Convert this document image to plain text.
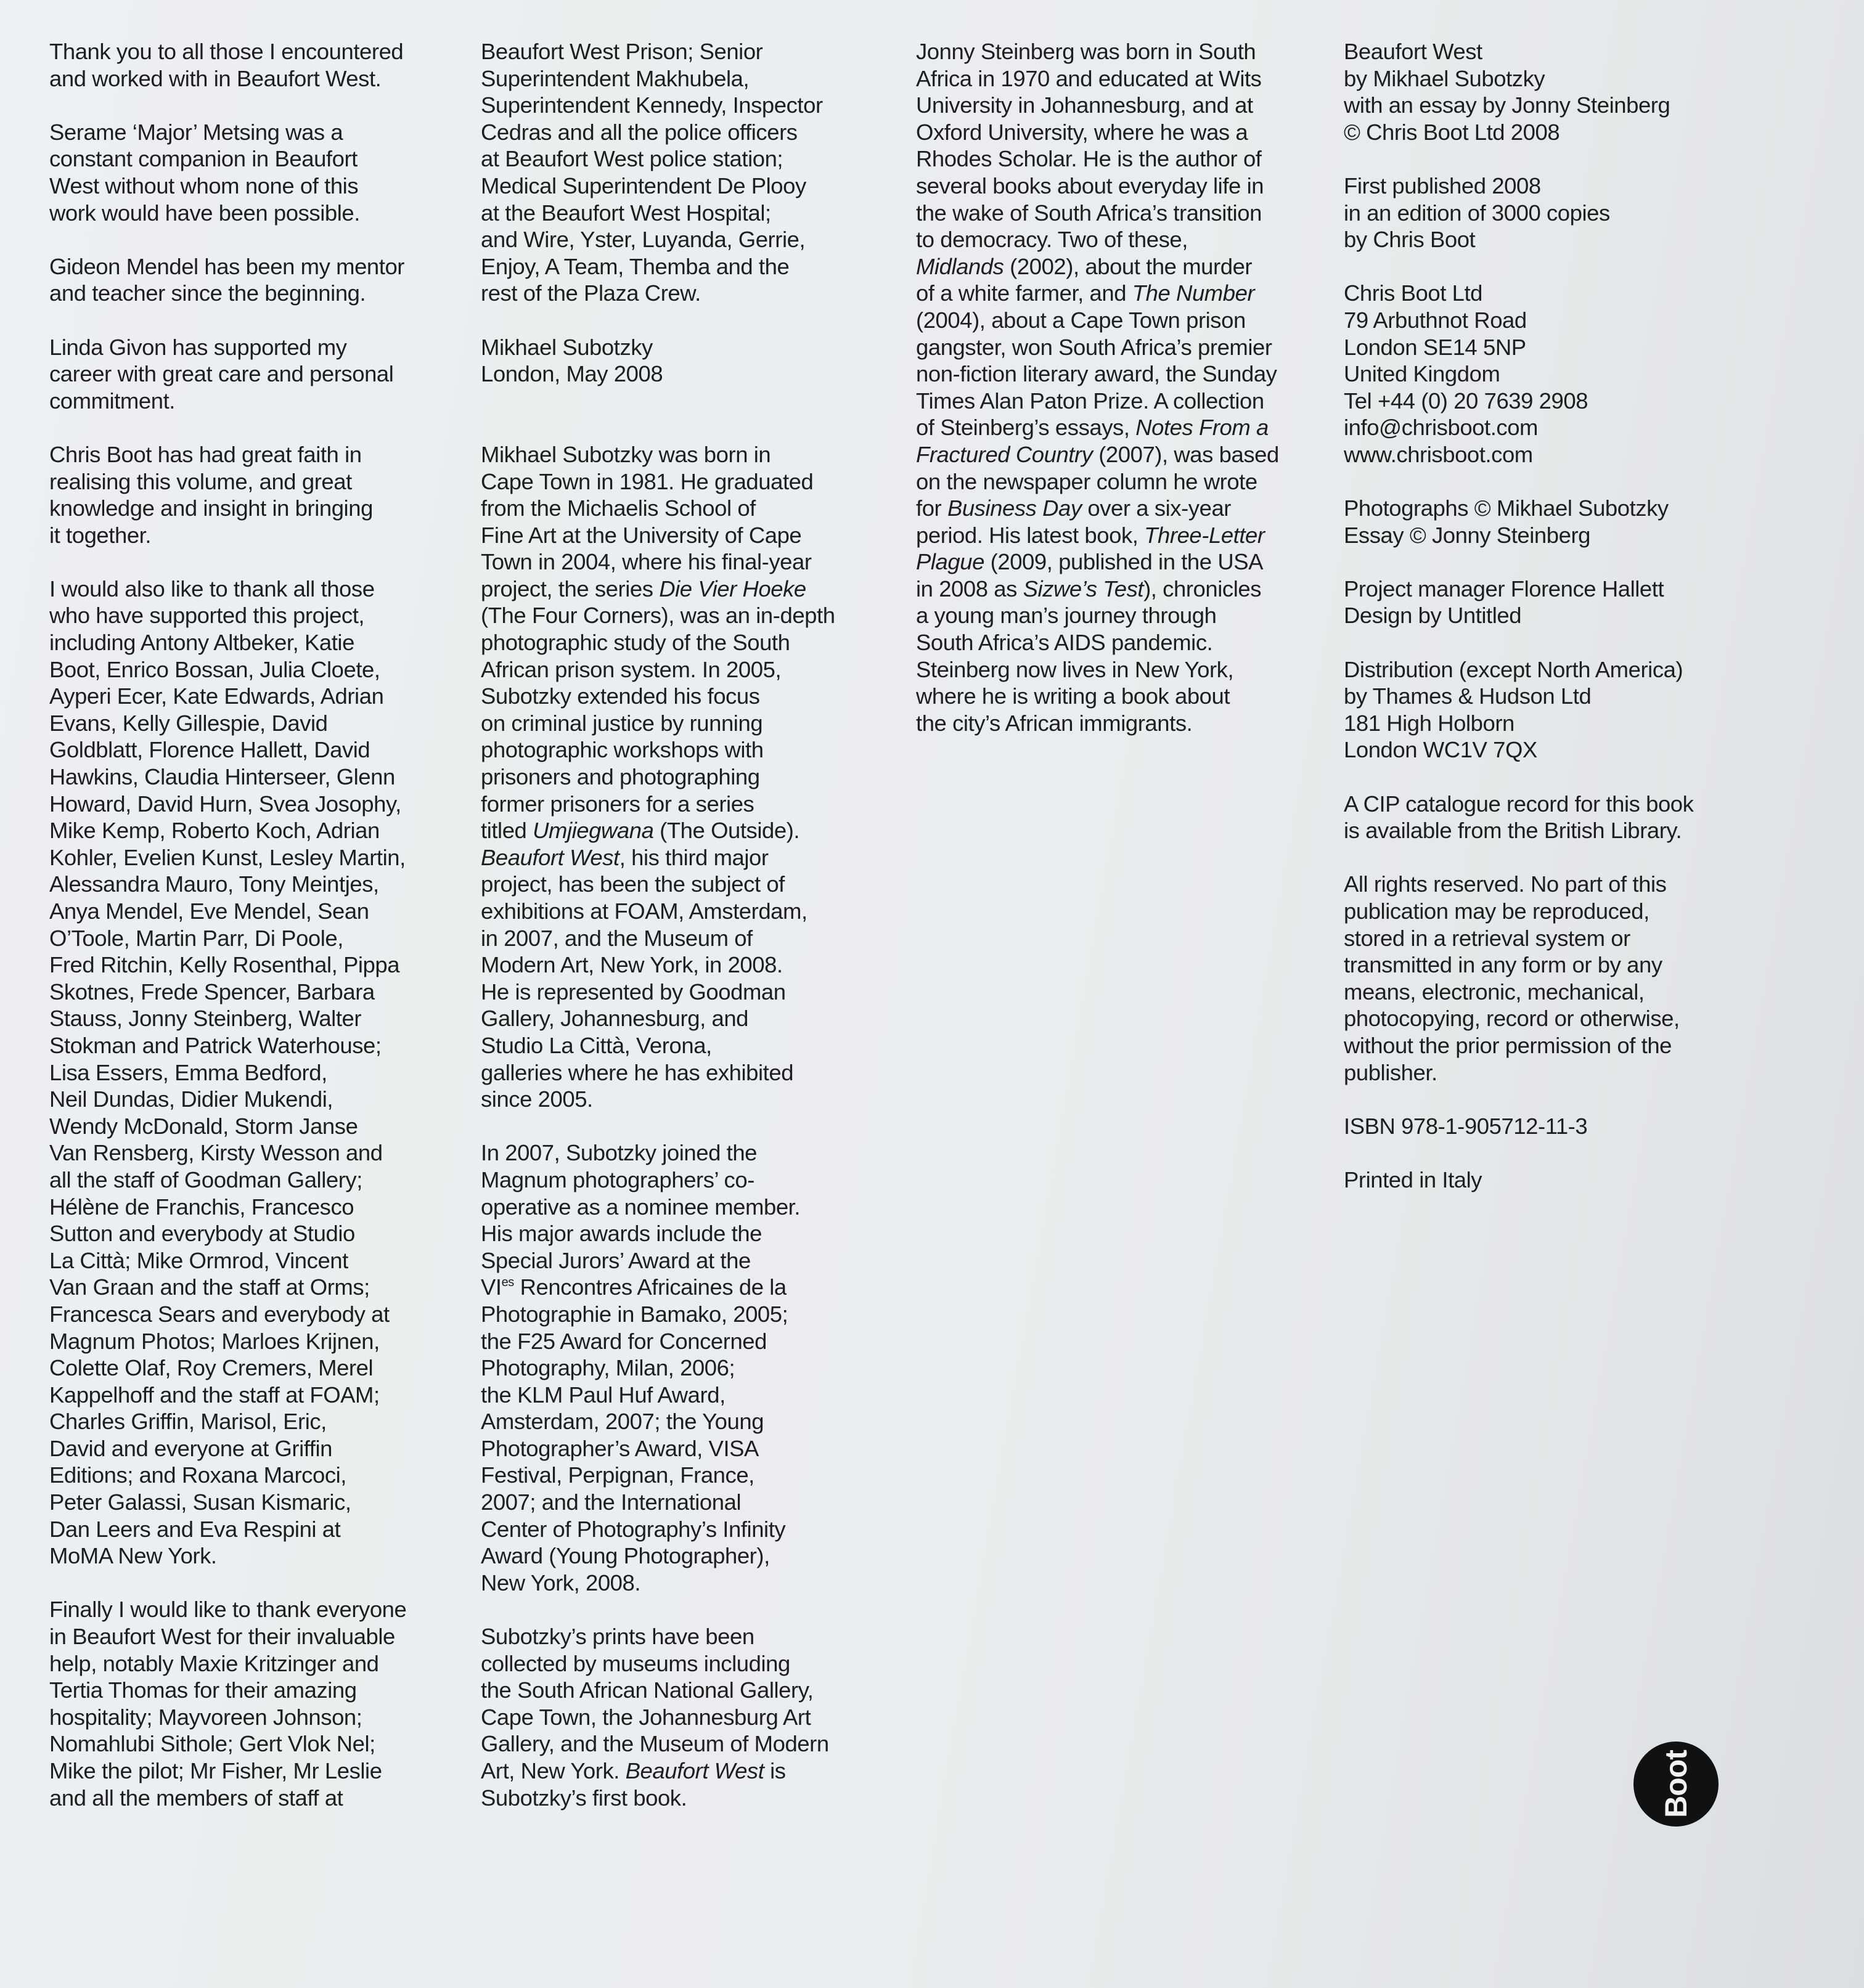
Thank you to all those I encountered
and worked with in Beaufort West.

Serame ‘Major’ Metsing was a
constant companion in Beaufort
West without whom none of this
work would have been possible.

Gideon Mendel has been my mentor
and teacher since the beginning.

Linda Givon has supported my
career with great care and personal
commitment.

Chris Boot has had great faith in
realising this volume, and great
knowledge and insight in bringing
it together.

I would also like to thank all those
who have supported this project,
including Antony Altbeker, Katie
Boot, Enrico Bossan, Julia Cloete,
Ayperi Ecer, Kate Edwards, Adrian
Evans, Kelly Gillespie, David
Goldblatt, Florence Hallett, David
Hawkins, Claudia Hinterseer, Glenn
Howard, David Hurn, Svea Josophy,
Mike Kemp, Roberto Koch, Adrian
Kohler, Evelien Kunst, Lesley Martin,
Alessandra Mauro, Tony Meintjes,
Anya Mendel, Eve Mendel, Sean
O’Toole, Martin Parr, Di Poole,
Fred Ritchin, Kelly Rosenthal, Pippa
Skotnes, Frede Spencer, Barbara
Stauss, Jonny Steinberg, Walter
Stokman and Patrick Waterhouse;
Lisa Essers, Emma Bedford,
Neil Dundas, Didier Mukendi,
Wendy McDonald, Storm Janse
Van Rensberg, Kirsty Wesson and
all the staff of Goodman Gallery;
Hélène de Franchis, Francesco
Sutton and everybody at Studio
La Città; Mike Ormrod, Vincent
Van Graan and the staff at Orms;
Francesca Sears and everybody at
Magnum Photos; Marloes Krijnen,
Colette Olaf, Roy Cremers, Merel
Kappelhoff and the staff at FOAM;
Charles Griffin, Marisol, Eric,
David and everyone at Griffin
Editions; and Roxana Marcoci,
Peter Galassi, Susan Kismaric,
Dan Leers and Eva Respini at
MoMA New York.

Finally I would like to thank everyone
in Beaufort West for their invaluable
help, notably Maxie Kritzinger and
Tertia Thomas for their amazing
hospitality; Mayvoreen Johnson;
Nomahlubi Sithole; Gert Vlok Nel;
Mike the pilot; Mr Fisher, Mr Leslie
and all the members of staff at

Beaufort West Prison; Senior
Superintendent Makhubela,
Superintendent Kennedy, Inspector
Cedras and all the police officers
at Beaufort West police station;
Medical Superintendent De Plooy
at the Beaufort West Hospital;
and Wire, Yster, Luyanda, Gerrie,
Enjoy, A Team, Themba and the
rest of the Plaza Crew.

Mikhael Subotzky
London, May 2008

Mikhael Subotzky was born in
Cape Town in 1981. He graduated
from the Michaelis School of
Fine Art at the University of Cape
Town in 2004, where his final-year
project, the series Die Vier Hoeke
(The Four Corners), was an in-depth
photographic study of the South
African prison system. In 2005,
Subotzky extended his focus
on criminal justice by running
photographic workshops with
prisoners and photographing
former prisoners for a series
titled Umjiegwana (The Outside).
Beaufort West, his third major
project, has been the subject of
exhibitions at FOAM, Amsterdam,
in 2007, and the Museum of
Modern Art, New York, in 2008.
He is represented by Goodman
Gallery, Johannesburg, and
Studio La Città, Verona,
galleries where he has exhibited
since 2005.

In 2007, Subotzky joined the
Magnum photographers’ co-
operative as a nominee member.
His major awards include the
Special Jurors’ Award at the
$VI^{es}$ Rencontres Africaines de la
Photographie in Bamako, 2005;
the F25 Award for Concerned
Photography, Milan, 2006;
the KLM Paul Huf Award,
Amsterdam, 2007; the Young
Photographer’s Award, VISA
Festival, Perpignan, France,
2007; and the International
Center of Photography’s Infinity
Award (Young Photographer),
New York, 2008.

Subotzky’s prints have been
collected by museums including
the South African National Gallery,
Cape Town, the Johannesburg Art
Gallery, and the Museum of Modern
Art, New York. Beaufort West is
Subotzky’s first book.

Jonny Steinberg was born in South
Africa in 1970 and educated at Wits
University in Johannesburg, and at
Oxford University, where he was a
Rhodes Scholar. He is the author of
several books about everyday life in
the wake of South Africa’s transition
to democracy. Two of these,
Midlands (2002), about the murder
of a white farmer, and The Number
(2004), about a Cape Town prison
gangster, won South Africa’s premier
non-fiction literary award, the Sunday
Times Alan Paton Prize. A collection
of Steinberg’s essays, Notes From a
Fractured Country (2007), was based
on the newspaper column he wrote
for Business Day over a six-year
period. His latest book, Three-Letter
Plague (2009, published in the USA
in 2008 as Sizwe’s Test), chronicles
a young man’s journey through
South Africa’s AIDS pandemic.
Steinberg now lives in New York,
where he is writing a book about
the city’s African immigrants.

Beaufort West
by Mikhael Subotzky
with an essay by Jonny Steinberg
© Chris Boot Ltd 2008

First published 2008
in an edition of 3000 copies
by Chris Boot

Chris Boot Ltd
79 Arbuthnot Road
London SE14 5NP
United Kingdom
Tel +44 (0) 20 7639 2908
info@chrisboot.com
www.chrisboot.com

Photographs © Mikhael Subotzky
Essay © Jonny Steinberg

Project manager Florence Hallett
Design by Untitled

Distribution (except North America)
by Thames & Hudson Ltd
181 High Holborn
London WC1V 7QX

A CIP catalogue record for this book
is available from the British Library.

All rights reserved. No part of this
publication may be reproduced,
stored in a retrieval system or
transmitted in any form or by any
means, electronic, mechanical,
photocopying, record or otherwise,
without the prior permission of the
publisher.

ISBN 978-1-905712-11-3

Printed in Italy

Boot
